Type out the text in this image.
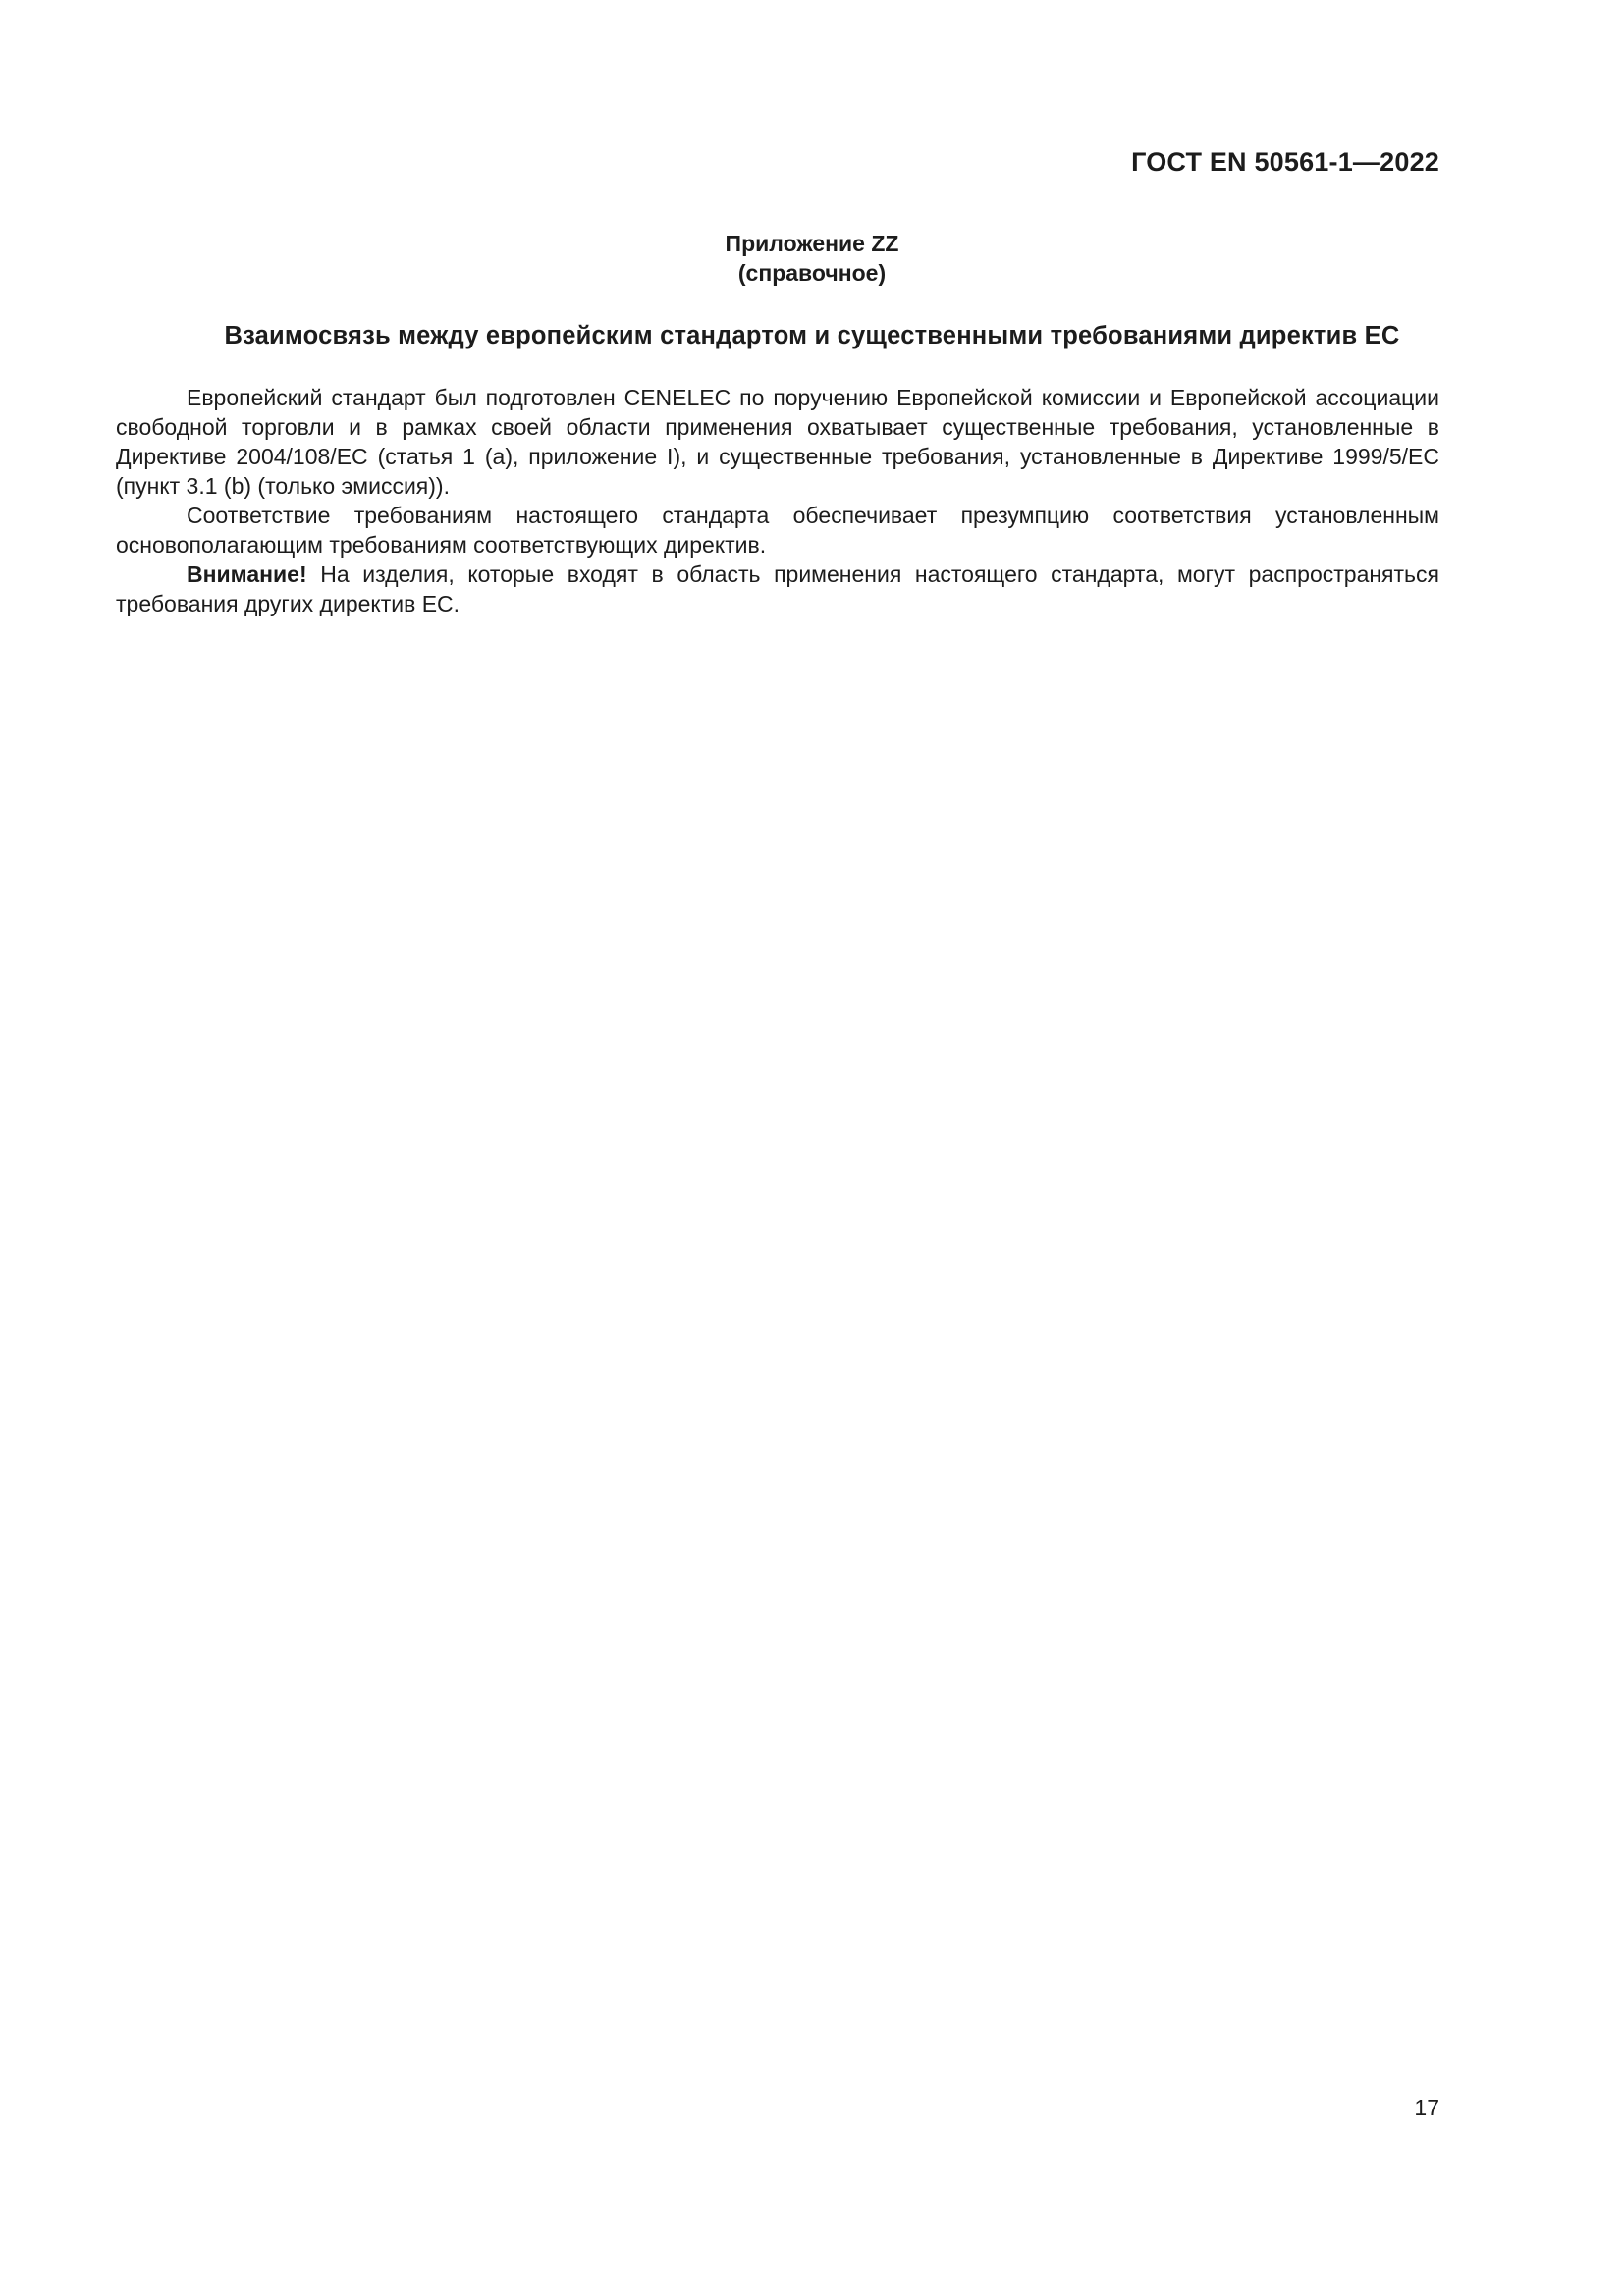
ГОСТ EN 50561-1—2022
Приложение ZZ
(справочное)
Взаимосвязь между европейским стандартом и существенными требованиями директив ЕС

Европейский стандарт был подготовлен CENELEC по поручению Европейской комиссии и Европейской ассоциации свободной торговли и в рамках своей области применения охватывает существенные требования, установленные в Директиве 2004/108/ЕС (статья 1 (а), приложение I), и существенные требования, установленные в Директиве 1999/5/ЕС (пункт 3.1 (b) (только эмиссия)).

Соответствие требованиям настоящего стандарта обеспечивает презумпцию соответствия установленным основополагающим требованиям соответствующих директив.

Внимание! На изделия, которые входят в область применения настоящего стандарта, могут распространяться требования других директив ЕС.

17
